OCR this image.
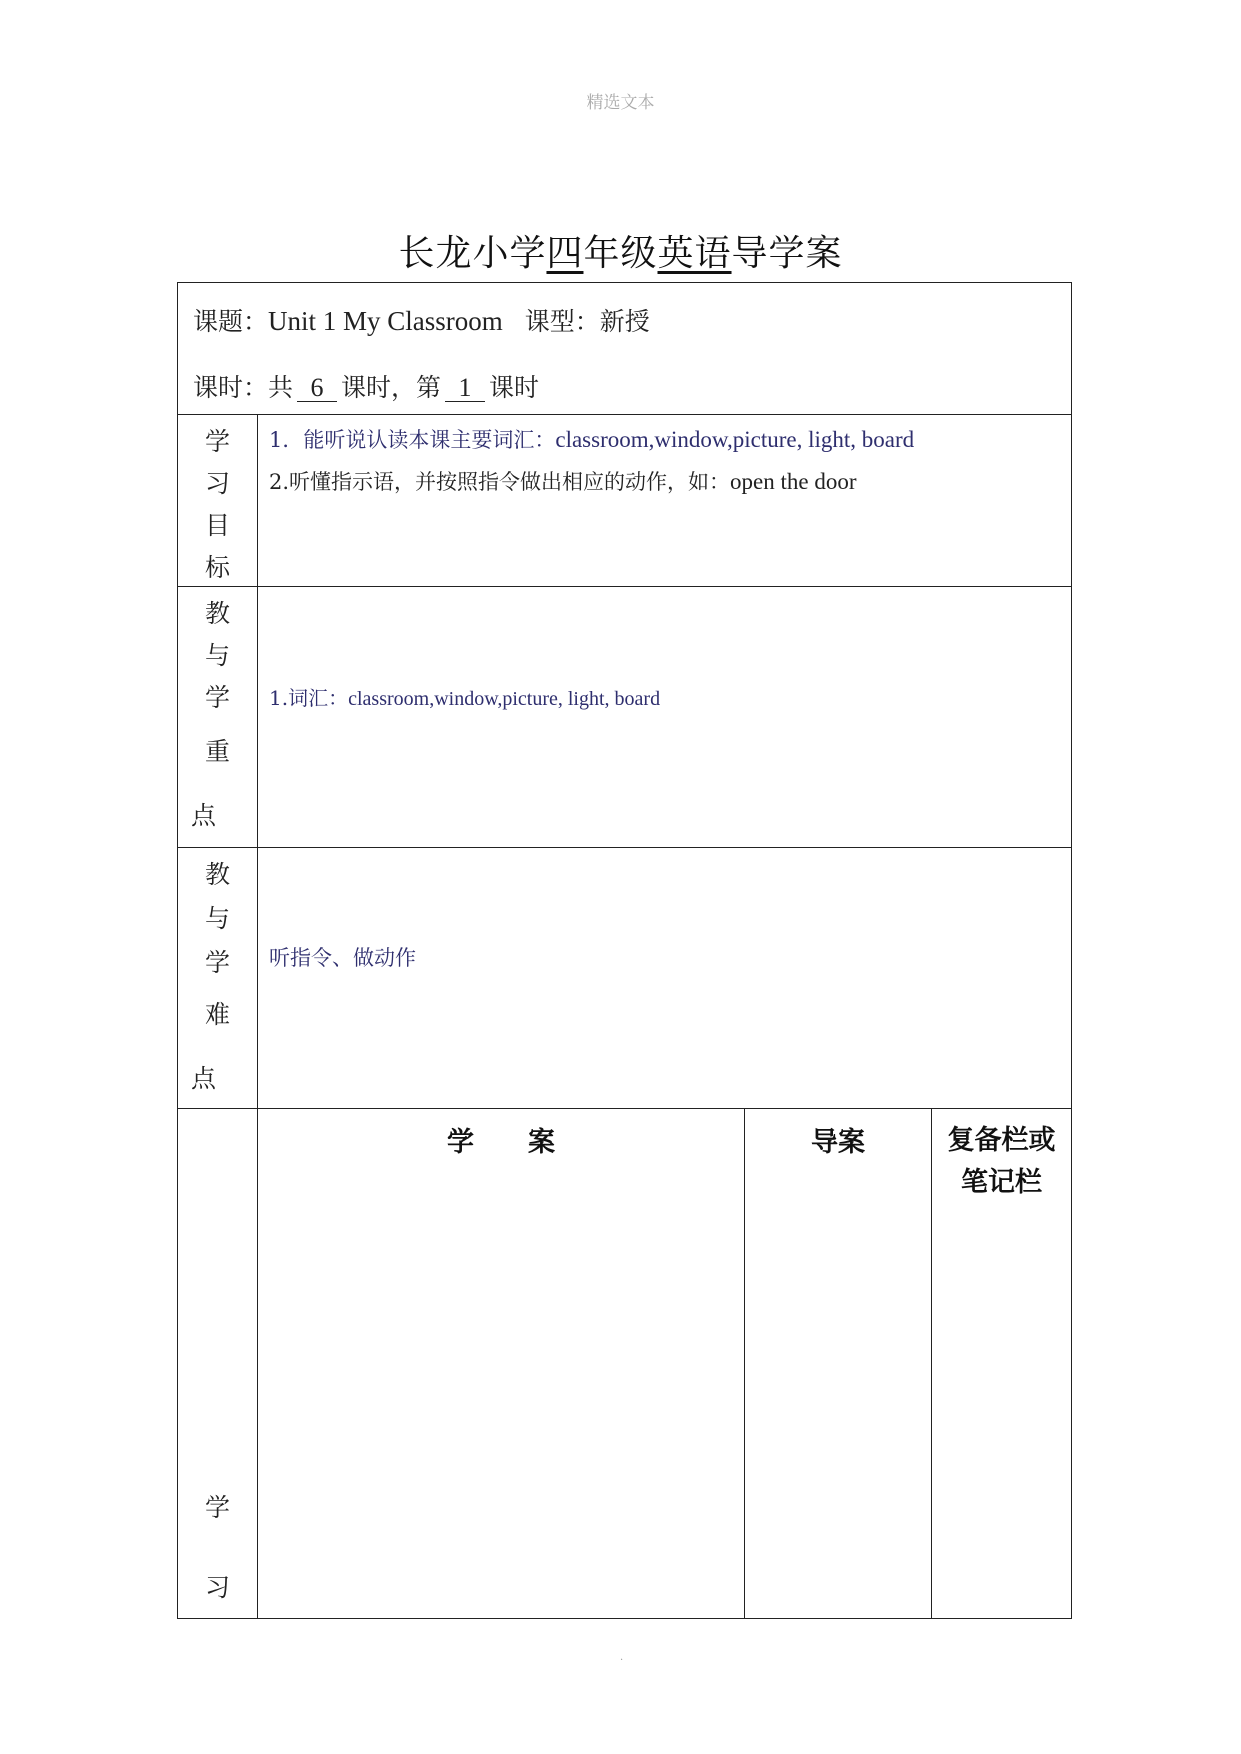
精选文本
长龙小学四年级英语导学案
课题：Unit 1 My Classroom 课型：新授
课时：共 6 课时，第 1 课时
学
习
目
标
1．能听说认读本课主要词汇：classroom,window,picture, light, board
2.听懂指示语，并按照指令做出相应的动作，如：open the door
教
与
学
重
点
1.词汇：classroom,window,picture, light, board
教
与
学
难
点
听指令、做动作
学
习
学　　案	导案	复备栏或
笔记栏
.
